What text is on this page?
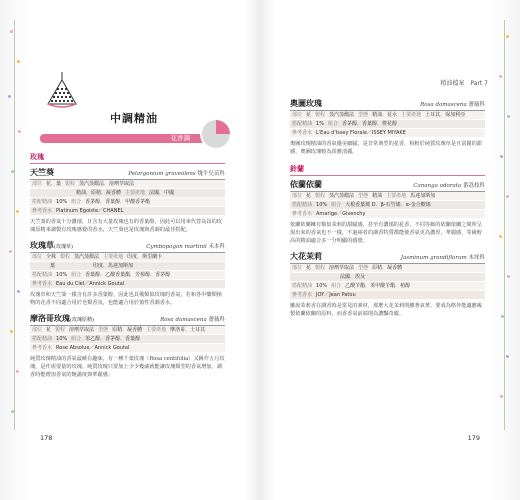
中調精油
花香調
玫瑰
天竺葵	Pelargonium graveolens 牻牛兒苗科
部位 花．葉 製程 蒸汽蒸餾法．溶劑萃取法
精油．原精．凝香體 主要產地 法國．中國
搭配精油 10% 組合 香茅醇．香葉醇．甲酸香茅酯
參考香水 Platinum Egoiste／CHANEL
天竺葵的香氣十分濃郁，且含有大量玫瑰也有的香葉醇，因此可以用來代替高昂的玫瑰原精來調製有玫瑰感覺的香水，天竺葵也是玫瑰與香調的最佳搭配。
玫瑰草(玫瑰草)	Cymbopogon martinii 禾本科
部位 全株 製程 蒸汽蒸餾法 主要產地 印度．斯里蘭卡
葉	印度．馬達加斯加
搭配精油 10% 組合 香葉醇．乙酸香葉酯．芳樟醇．香茅醇
參考香水 Eau du Ciel／Annick Goutal
玫瑰草和天竺葵一樣含有許多香葉醇，因此也具備類似玫瑰的香氣，若和各中藥類植物的花香不同適合用於皂類香氛，也能適合用於慎性香調香水。
摩洛哥玫瑰(玫瑰原精)	Rosa damascena 薔薇科
部位 花 製程 溶劑萃取法 型態 原精．凝香體 主要產地 摩洛哥．土耳其
搭配精油 10% 組合 苯乙醇．香茅醇．香葉醇
參考香水 Rose Absolue／Annick Goutal
純質玫瑰精油的香氣最饒有趣味，有一種千葉玫瑰（Rosa centifolia）又稱作五月玫瑰，是作需要量的玫瑰。純質玫瑰只要加上少少幾滴就能讓玫瑰類型的香氣增加，調香時能增加香氣的飽滿度與華麗感。
178
精油檔案 Part 7
奧圖玫瑰	Rosa damascena 薔薇科
部位 花 製程 蒸汽蒸餾法 型態 精油．花水 主要產地 土耳其．保加利亞
搭配精油 1% 組合 香茅醇．香葉醇．橙花醇
參考香水 L'Eau d'Issey Florale／ISSEY MIYAKE
奧圖玫瑰精油的香氣優美細膩，是非常典型的花香，相較於純質玫瑰草是且富麗的甜感，奧圖玫瑰較為淡雅清麗。
鈴蘭
依蘭依蘭	Cananga odorata 番荔枝科
部位 花 製程 蒸汽蒸餾法 型態 精油 主要產地 馬達加斯加
搭配精油 10% 組合 大根香葉烯 D．β-石竹烯．α-金合歡烯
參考香水 Amarige／Givenchy
依蘭依蘭擁有類似茉莉的甜膩感，甚至有濃郁的花香，不同等級的依蘭依蘭之間所呈現出來的香氣也不一樣，不過兩者的調香特質都能使香氣更為濃厚，華麗感，等級較高的精油適合多一分明顯的感覺。
大花茉莉	Jasminum grandiflorum 木犀科
部位 花 製程 溶劑萃取法 型態 原精．凝香體
法國．埃及
搭配精油 10% 組合 乙酸苄酯．苯甲酸苄酯．植醇
參考香水 JOY／Jean Patou
雖說茉莉香在調香時是常見的素材，那麼大花茉莉則雖著氣華，要成為格外能適應複製依蘭依蘭的原料，而香香氣前端則為濃豔奇麗。
179
